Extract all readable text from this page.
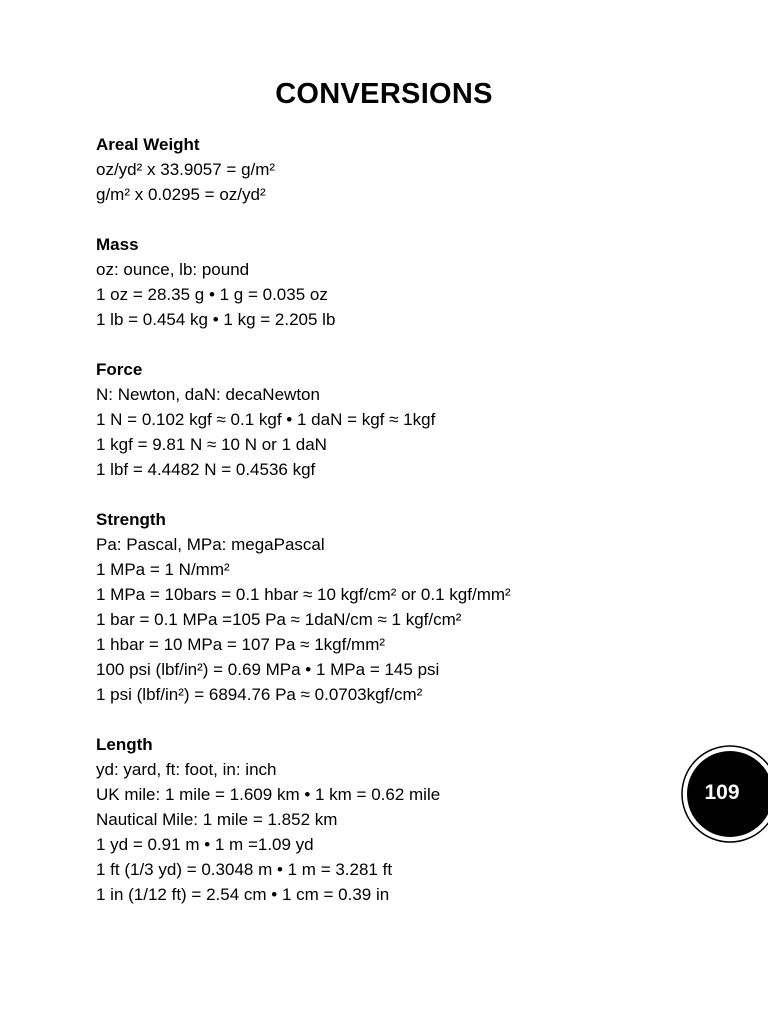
CONVERSIONS
Areal Weight
oz/yd² x 33.9057 = g/m²
g/m² x 0.0295 = oz/yd²
Mass
oz: ounce, lb: pound
1 oz = 28.35 g • 1 g = 0.035 oz
1 lb = 0.454 kg • 1 kg = 2.205 lb
Force
N: Newton, daN: decaNewton
1 N = 0.102 kgf ≈ 0.1 kgf • 1 daN = kgf ≈ 1kgf
1 kgf = 9.81 N ≈ 10 N or 1 daN
1 lbf = 4.4482 N = 0.4536 kgf
Strength
Pa: Pascal, MPa: megaPascal
1 MPa = 1 N/mm²
1 MPa = 10bars = 0.1 hbar ≈ 10 kgf/cm² or 0.1 kgf/mm²
1 bar = 0.1 MPa =105 Pa ≈ 1daN/cm ≈ 1 kgf/cm²
1 hbar = 10 MPa = 107 Pa ≈ 1kgf/mm²
100 psi (lbf/in²) = 0.69 MPa • 1 MPa = 145 psi
1 psi (lbf/in²) = 6894.76 Pa ≈ 0.0703kgf/cm²
Length
yd: yard, ft: foot, in: inch
UK mile: 1 mile = 1.609 km • 1 km = 0.62 mile
Nautical Mile: 1 mile = 1.852 km
1 yd = 0.91 m • 1 m =1.09 yd
1 ft (1/3 yd) = 0.3048 m • 1 m = 3.281 ft
1 in (1/12 ft) = 2.54 cm • 1 cm = 0.39 in
109
